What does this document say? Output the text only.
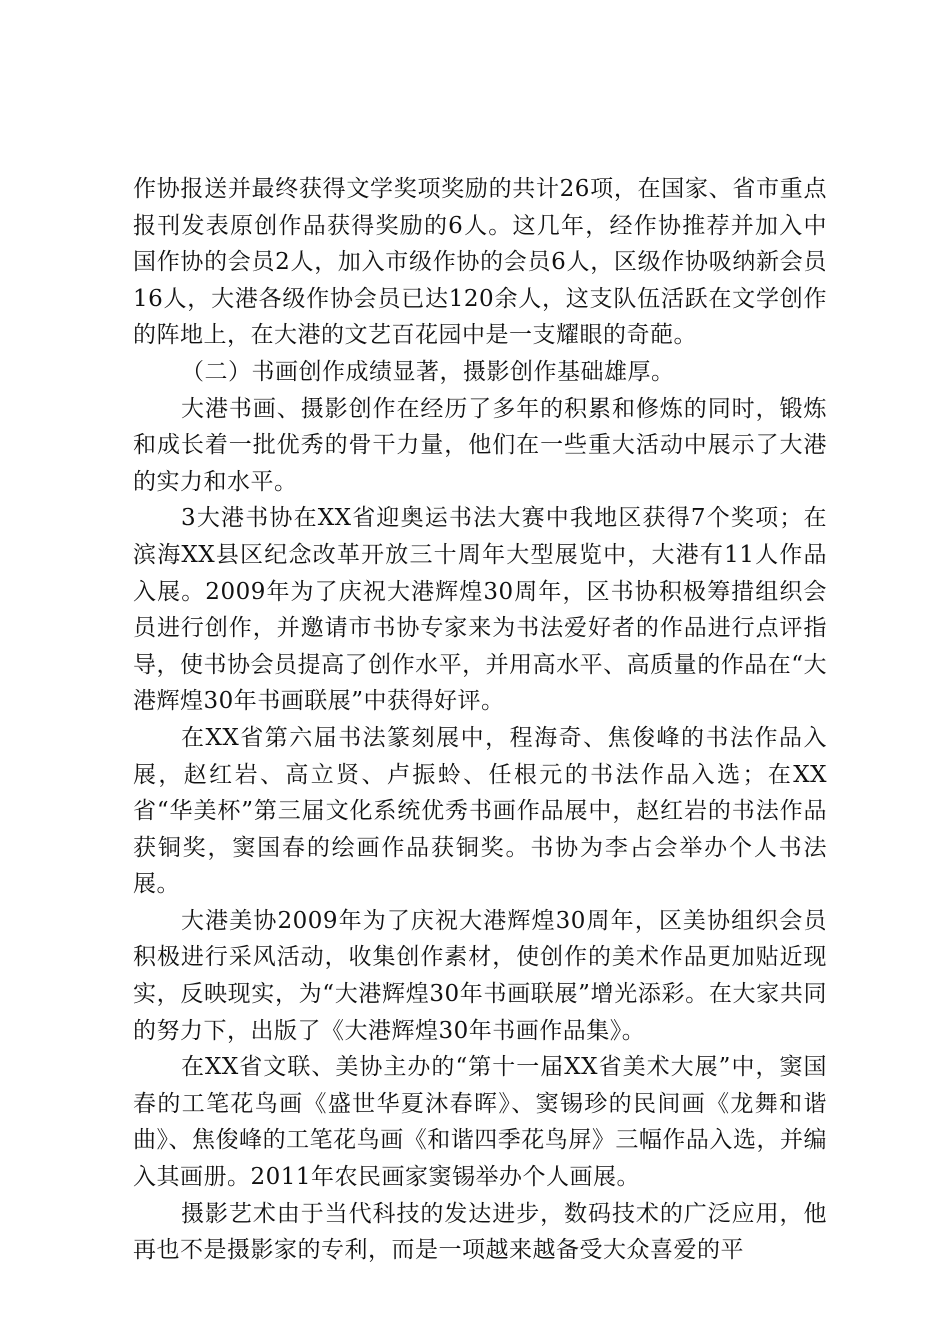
作协报送并最终获得文学奖项奖励的共计26项，在国家、省市重点报刊发表原创作品获得奖励的6人。这几年，经作协推荐并加入中国作协的会员2人，加入市级作协的会员6人，区级作协吸纳新会员16人，大港各级作协会员已达120余人，这支队伍活跃在文学创作的阵地上，在大港的文艺百花园中是一支耀眼的奇葩。

（二）书画创作成绩显著，摄影创作基础雄厚。

大港书画、摄影创作在经历了多年的积累和修炼的同时，锻炼和成长着一批优秀的骨干力量，他们在一些重大活动中展示了大港的实力和水平。

3大港书协在XX省迎奥运书法大赛中我地区获得7个奖项；在滨海XX县区纪念改革开放三十周年大型展览中，大港有11人作品入展。2009年为了庆祝大港辉煌30周年，区书协积极筹措组织会员进行创作，并邀请市书协专家来为书法爱好者的作品进行点评指导，使书协会员提高了创作水平，并用高水平、高质量的作品在“大港辉煌30年书画联展”中获得好评。

在XX省第六届书法篆刻展中，程海奇、焦俊峰的书法作品入展，赵红岩、高立贤、卢振蛉、任根元的书法作品入选；在XX省“华美杯”第三届文化系统优秀书画作品展中，赵红岩的书法作品获铜奖，窦国春的绘画作品获铜奖。书协为李占会举办个人书法展。

大港美协2009年为了庆祝大港辉煌30周年，区美协组织会员积极进行采风活动，收集创作素材，使创作的美术作品更加贴近现实，反映现实，为“大港辉煌30年书画联展”增光添彩。在大家共同的努力下，出版了《大港辉煌30年书画作品集》。

在XX省文联、美协主办的“第十一届XX省美术大展”中，窦国春的工笔花鸟画《盛世华夏沐春晖》、窦锡珍的民间画《龙舞和谐曲》、焦俊峰的工笔花鸟画《和谐四季花鸟屏》三幅作品入选，并编入其画册。2011年农民画家窦锡举办个人画展。

摄影艺术由于当代科技的发达进步，数码技术的广泛应用，他再也不是摄影家的专利，而是一项越来越备受大众喜爱的平
